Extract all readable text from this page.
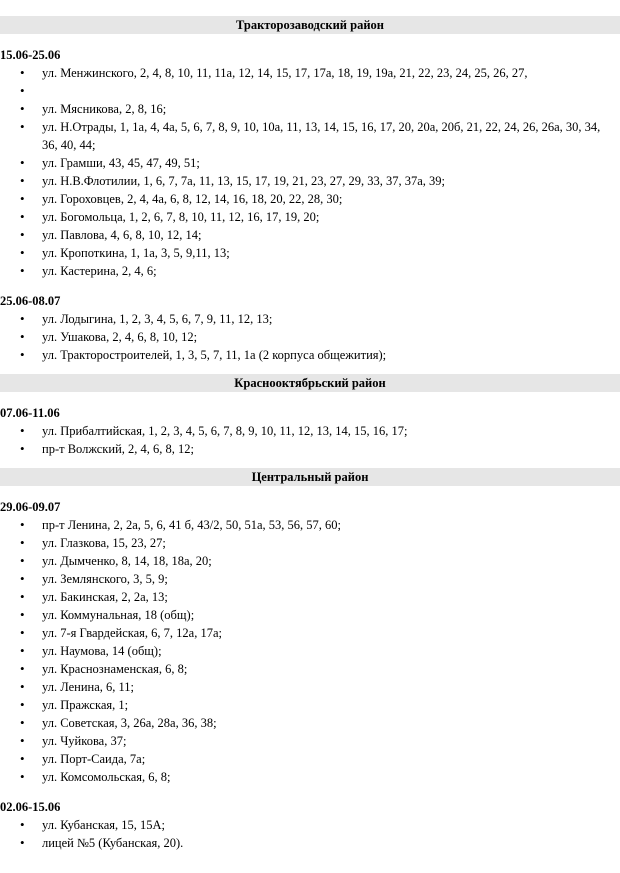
Тракторозаводский район
15.06-25.06
• ул. Менжинского, 2, 4, 8, 10, 11, 11а, 12, 14, 15, 17, 17а, 18, 19, 19а, 21, 22, 23, 24, 25, 26, 27,
•
• ул. Мясникова, 2, 8, 16;
• ул. Н.Отрады, 1, 1а, 4, 4а, 5, 6, 7, 8, 9, 10, 10а, 11, 13, 14, 15, 16, 17, 20, 20а, 20б, 21, 22, 24, 26, 26а, 30, 34, 36, 40, 44;
• ул. Грамши, 43, 45, 47, 49, 51;
• ул. Н.В.Флотилии, 1, 6, 7, 7а, 11, 13, 15, 17, 19, 21, 23, 27, 29, 33, 37, 37а, 39;
• ул. Гороховцев, 2, 4, 4а, 6, 8, 12, 14, 16, 18, 20, 22, 28, 30;
• ул. Богомольца, 1, 2, 6, 7, 8, 10, 11, 12, 16, 17, 19, 20;
• ул. Павлова, 4, 6, 8, 10, 12, 14;
• ул. Кропоткина, 1, 1а, 3, 5, 9,11, 13;
• ул. Кастерина, 2, 4, 6;
25.06-08.07
• ул. Лодыгина, 1, 2, 3, 4, 5, 6, 7, 9, 11, 12, 13;
• ул. Ушакова, 2, 4, 6, 8, 10, 12;
• ул. Тракторостроителей, 1, 3, 5, 7, 11, 1а (2 корпуса общежития);
Краснооктябрьский район
07.06-11.06
• ул. Прибалтийская, 1, 2, 3, 4, 5, 6, 7, 8, 9, 10, 11, 12, 13, 14, 15, 16, 17;
• пр-т Волжский, 2, 4, 6, 8, 12;
Центральный район
29.06-09.07
• пр-т Ленина, 2, 2а, 5, 6, 41 б, 43/2, 50, 51а, 53, 56, 57, 60;
• ул. Глазкова, 15, 23, 27;
• ул. Дымченко, 8, 14, 18, 18а, 20;
• ул. Землянского, 3, 5, 9;
• ул. Бакинская, 2, 2а, 13;
• ул. Коммунальная, 18 (общ);
• ул. 7-я Гвардейская, 6, 7, 12а, 17а;
• ул. Наумова, 14 (общ);
• ул. Краснознаменская, 6, 8;
• ул. Ленина, 6, 11;
• ул. Пражская, 1;
• ул. Советская, 3, 26а, 28а, 36, 38;
• ул. Чуйкова, 37;
• ул. Порт-Саида, 7а;
• ул. Комсомольская, 6, 8;
02.06-15.06
• ул. Кубанская, 15, 15А;
• лицей №5 (Кубанская, 20).
